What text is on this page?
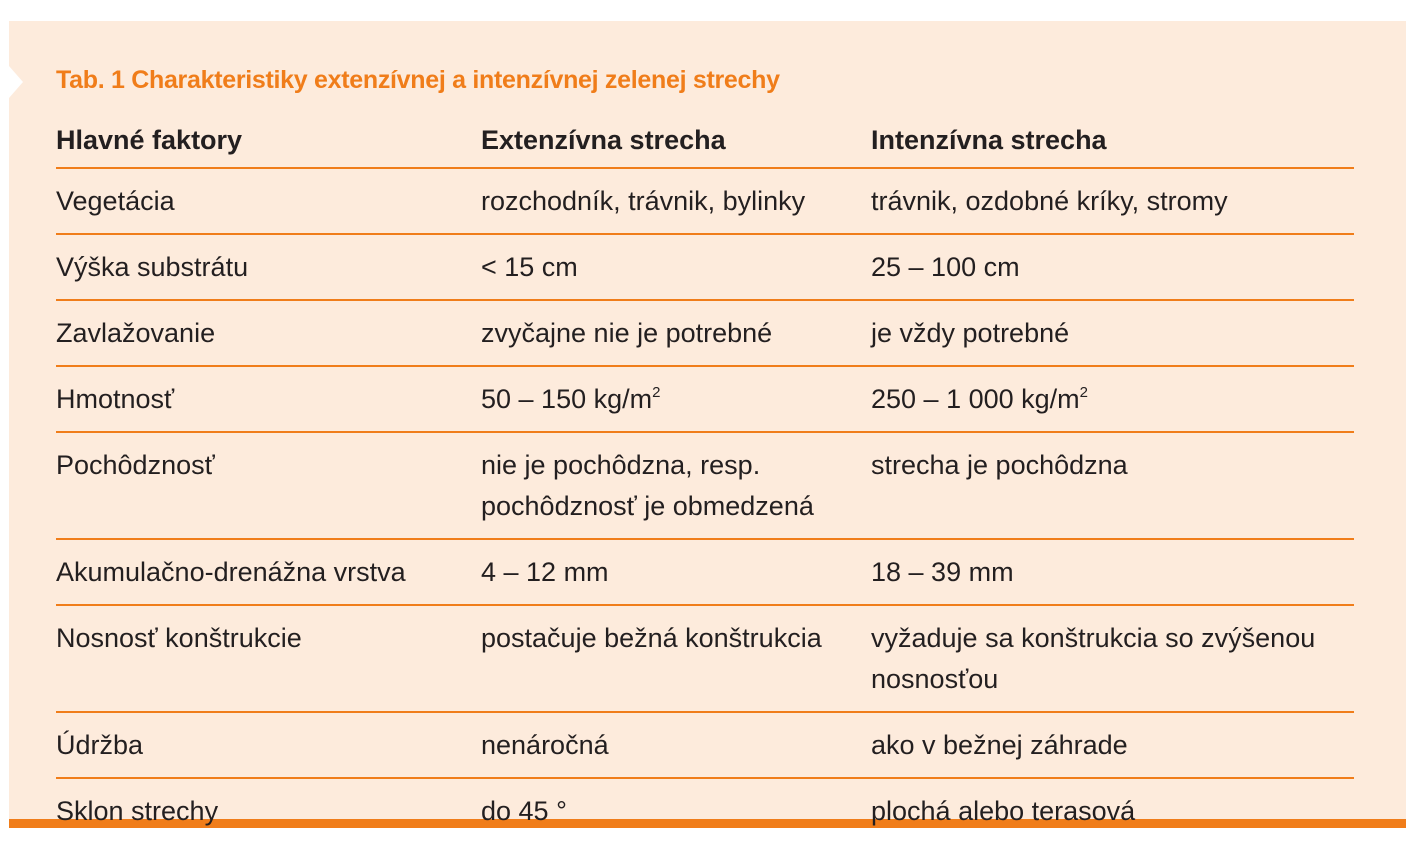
Tab. 1 Charakteristiky extenzívnej a intenzívnej zelenej strechy
Hlavné faktory	Extenzívna strecha	Intenzívna strecha
Vegetácia	rozchodník, trávnik, bylinky	trávnik, ozdobné kríky, stromy
Výška substrátu	< 15 cm	25 – 100 cm
Zavlažovanie	zvyčajne nie je potrebné	je vždy potrebné
Hmotnosť	50 – 150 $kg/m^2$	250 – 1 000 $kg/m^2$
Pochôdznosť	nie je pochôdzna, resp. pochôdznosť je obmedzená	strecha je pochôdzna
Akumulačno-drenážna vrstva	4 – 12 mm	18 – 39 mm
Nosnosť konštrukcie	postačuje bežná konštrukcia	vyžaduje sa konštrukcia so zvýšenou nosnosťou
Údržba	nenáročná	ako v bežnej záhrade
Sklon strechy	do 45 °	plochá alebo terasová
